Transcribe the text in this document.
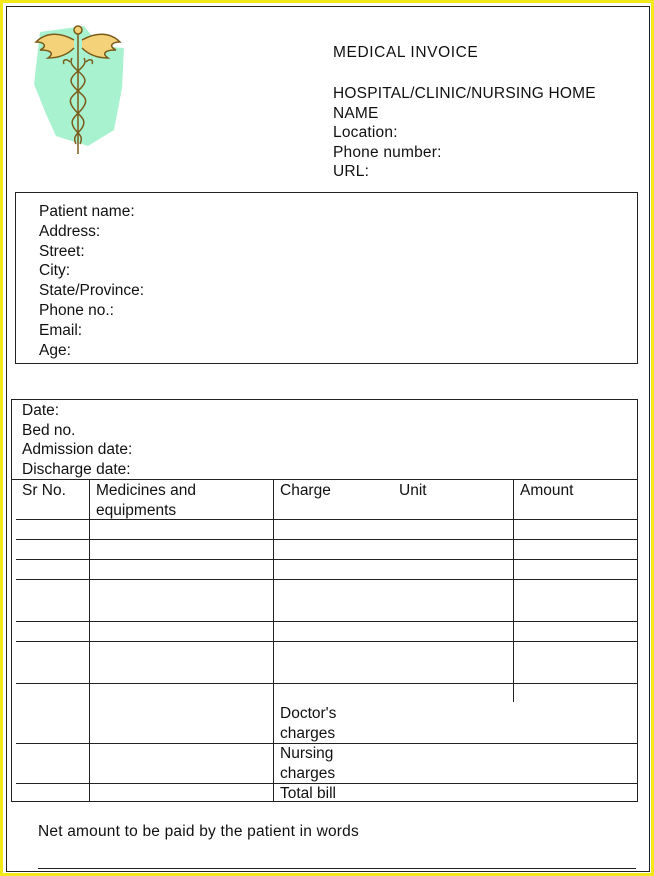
MEDICAL INVOICE
HOSPITAL/CLINIC/NURSING HOME
NAME
Location:
Phone number:
URL:
Patient name:
Address:
Street:
City:
State/Province:
Phone no.:
Email:
Age:
Date:
Bed no.
Admission date:
Discharge date:
Sr No. Medicines and
equipments
Charge	Unit	Amount
Doctor's
charges
Nursing
charges
Total bill
Net amount to be paid by the patient in words
